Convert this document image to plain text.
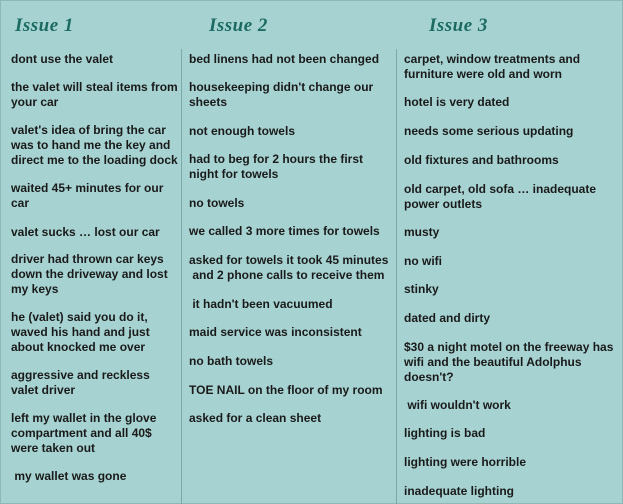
Issue 1	Issue 2	Issue 3
dont use the valet
the valet will steal items from your car
valet's idea of bring the car was to hand me the key and direct me to the loading dock
waited 45+ minutes for our car
valet sucks … lost our car
driver had thrown car keys down the driveway and lost my keys
he (valet) said you do it, waved his hand and just about knocked me over
aggressive and reckless valet driver
left my wallet in the glove compartment and all 40$ were taken out
my wallet was gone
bed linens had not been changed
housekeeping didn't change our sheets
not enough towels
had to beg for 2 hours the first night for towels
no towels
we called 3 more times for towels
asked for towels it took 45 minutes
and 2 phone calls to receive them
it hadn't been vacuumed
maid service was inconsistent
no bath towels
TOE NAIL on the floor of my room
asked for a clean sheet
carpet, window treatments and furniture were old and worn
hotel is very dated
needs some serious updating
old fixtures and bathrooms
old carpet, old sofa … inadequate power outlets
musty
no wifi
stinky
dated and dirty
$30 a night motel on the freeway has wifi and the beautiful Adolphus doesn't?
wifi wouldn't work
lighting is bad
lighting were horrible
inadequate lighting
